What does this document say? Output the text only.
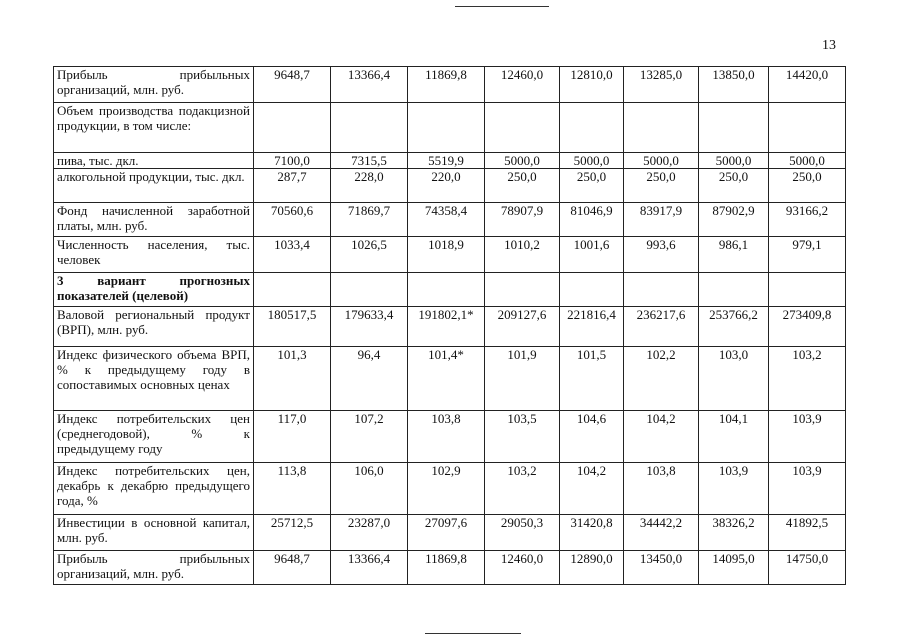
13
Прибыль прибыльных организаций, млн. руб.	9648,7	13366,4	11869,8	12460,0	12810,0	13285,0	13850,0	14420,0
Объем производства подакцизной продукции, в том числе:								
пива, тыс. дкл.	7100,0	7315,5	5519,9	5000,0	5000,0	5000,0	5000,0	5000,0
алкогольной продукции, тыс. дкл.	287,7	228,0	220,0	250,0	250,0	250,0	250,0	250,0
Фонд начисленной заработной платы, млн. руб.	70560,6	71869,7	74358,4	78907,9	81046,9	83917,9	87902,9	93166,2
Численность населения, тыс. человек	1033,4	1026,5	1018,9	1010,2	1001,6	993,6	986,1	979,1
3 вариант прогнозных показателей (целевой)								
Валовой региональный продукт (ВРП), млн. руб.	180517,5	179633,4	191802,1*	209127,6	221816,4	236217,6	253766,2	273409,8
Индекс физического объема ВРП, % к предыдущему году в сопоставимых основных ценах	101,3	96,4	101,4*	101,9	101,5	102,2	103,0	103,2
Индекс потребительских цен (среднегодовой), % к предыдущему году	117,0	107,2	103,8	103,5	104,6	104,2	104,1	103,9
Индекс потребительских цен, декабрь к декабрю предыдущего года, %	113,8	106,0	102,9	103,2	104,2	103,8	103,9	103,9
Инвестиции в основной капитал, млн. руб.	25712,5	23287,0	27097,6	29050,3	31420,8	34442,2	38326,2	41892,5
Прибыль прибыльных организаций, млн. руб.	9648,7	13366,4	11869,8	12460,0	12890,0	13450,0	14095,0	14750,0
